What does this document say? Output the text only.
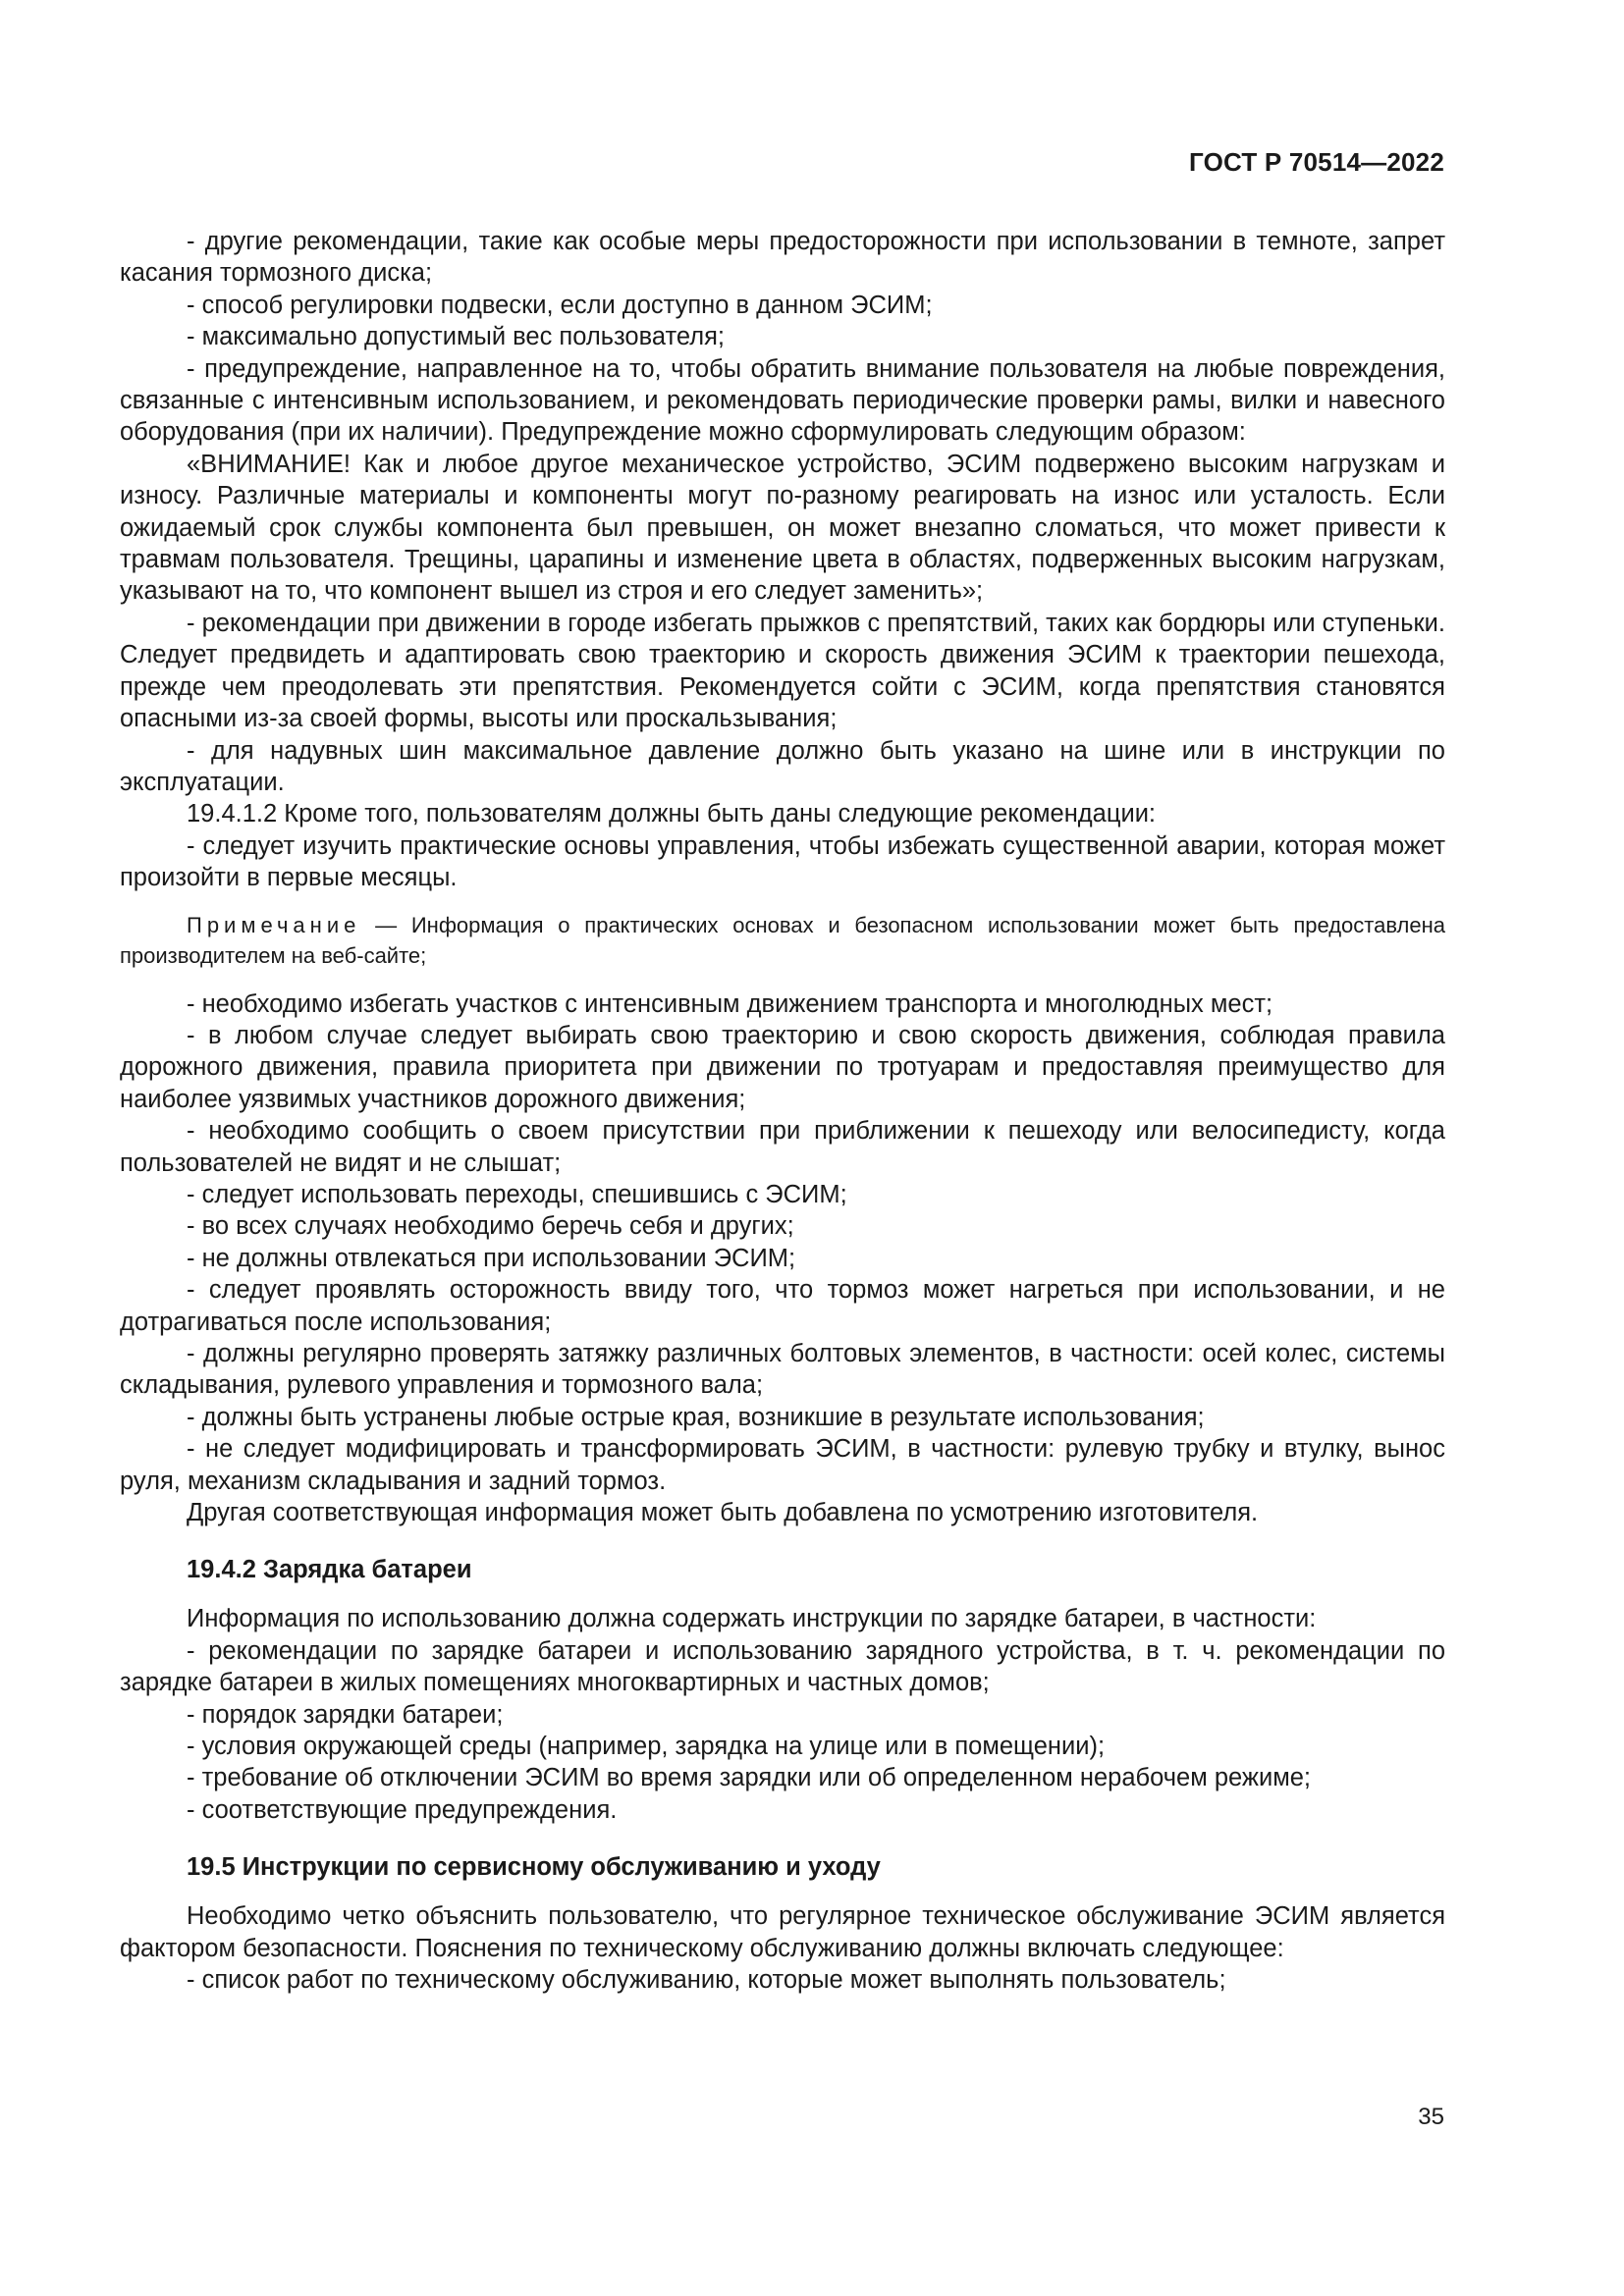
ГОСТ Р 70514—2022

- другие рекомендации, такие как особые меры предосторожности при использовании в темноте, запрет касания тормозного диска;

- способ регулировки подвески, если доступно в данном ЭСИМ;

- максимально допустимый вес пользователя;

- предупреждение, направленное на то, чтобы обратить внимание пользователя на любые повреждения, связанные с интенсивным использованием, и рекомендовать периодические проверки рамы, вилки и навесного оборудования (при их наличии). Предупреждение можно сформулировать следующим образом:

«ВНИМАНИЕ! Как и любое другое механическое устройство, ЭСИМ подвержено высоким нагрузкам и износу. Различные материалы и компоненты могут по-разному реагировать на износ или усталость. Если ожидаемый срок службы компонента был превышен, он может внезапно сломаться, что может привести к травмам пользователя. Трещины, царапины и изменение цвета в областях, подверженных высоким нагрузкам, указывают на то, что компонент вышел из строя и его следует заменить»;

- рекомендации при движении в городе избегать прыжков с препятствий, таких как бордюры или ступеньки. Следует предвидеть и адаптировать свою траекторию и скорость движения ЭСИМ к траектории пешехода, прежде чем преодолевать эти препятствия. Рекомендуется сойти с ЭСИМ, когда препятствия становятся опасными из-за своей формы, высоты или проскальзывания;

- для надувных шин максимальное давление должно быть указано на шине или в инструкции по эксплуатации.

19.4.1.2 Кроме того, пользователям должны быть даны следующие рекомендации:

- следует изучить практические основы управления, чтобы избежать существенной аварии, которая может произойти в первые месяцы.

Примечание — Информация о практических основах и безопасном использовании может быть предоставлена производителем на веб-сайте;

- необходимо избегать участков с интенсивным движением транспорта и многолюдных мест;

- в любом случае следует выбирать свою траекторию и свою скорость движения, соблюдая правила дорожного движения, правила приоритета при движении по тротуарам и предоставляя преимущество для наиболее уязвимых участников дорожного движения;

- необходимо сообщить о своем присутствии при приближении к пешеходу или велосипедисту, когда пользователей не видят и не слышат;

- следует использовать переходы, спешившись с ЭСИМ;

- во всех случаях необходимо беречь себя и других;

- не должны отвлекаться при использовании ЭСИМ;

- следует проявлять осторожность ввиду того, что тормоз может нагреться при использовании, и не дотрагиваться после использования;

- должны регулярно проверять затяжку различных болтовых элементов, в частности: осей колес, системы складывания, рулевого управления и тормозного вала;

- должны быть устранены любые острые края, возникшие в результате использования;

- не следует модифицировать и трансформировать ЭСИМ, в частности: рулевую трубку и втулку, вынос руля, механизм складывания и задний тормоз.

Другая соответствующая информация может быть добавлена по усмотрению изготовителя.

19.4.2 Зарядка батареи

Информация по использованию должна содержать инструкции по зарядке батареи, в частности:

- рекомендации по зарядке батареи и использованию зарядного устройства, в т. ч. рекомендации по зарядке батареи в жилых помещениях многоквартирных и частных домов;

- порядок зарядки батареи;

- условия окружающей среды (например, зарядка на улице или в помещении);

- требование об отключении ЭСИМ во время зарядки или об определенном нерабочем режиме;

- соответствующие предупреждения.

19.5 Инструкции по сервисному обслуживанию и уходу

Необходимо четко объяснить пользователю, что регулярное техническое обслуживание ЭСИМ является фактором безопасности. Пояснения по техническому обслуживанию должны включать следующее:

- список работ по техническому обслуживанию, которые может выполнять пользователь;

35
